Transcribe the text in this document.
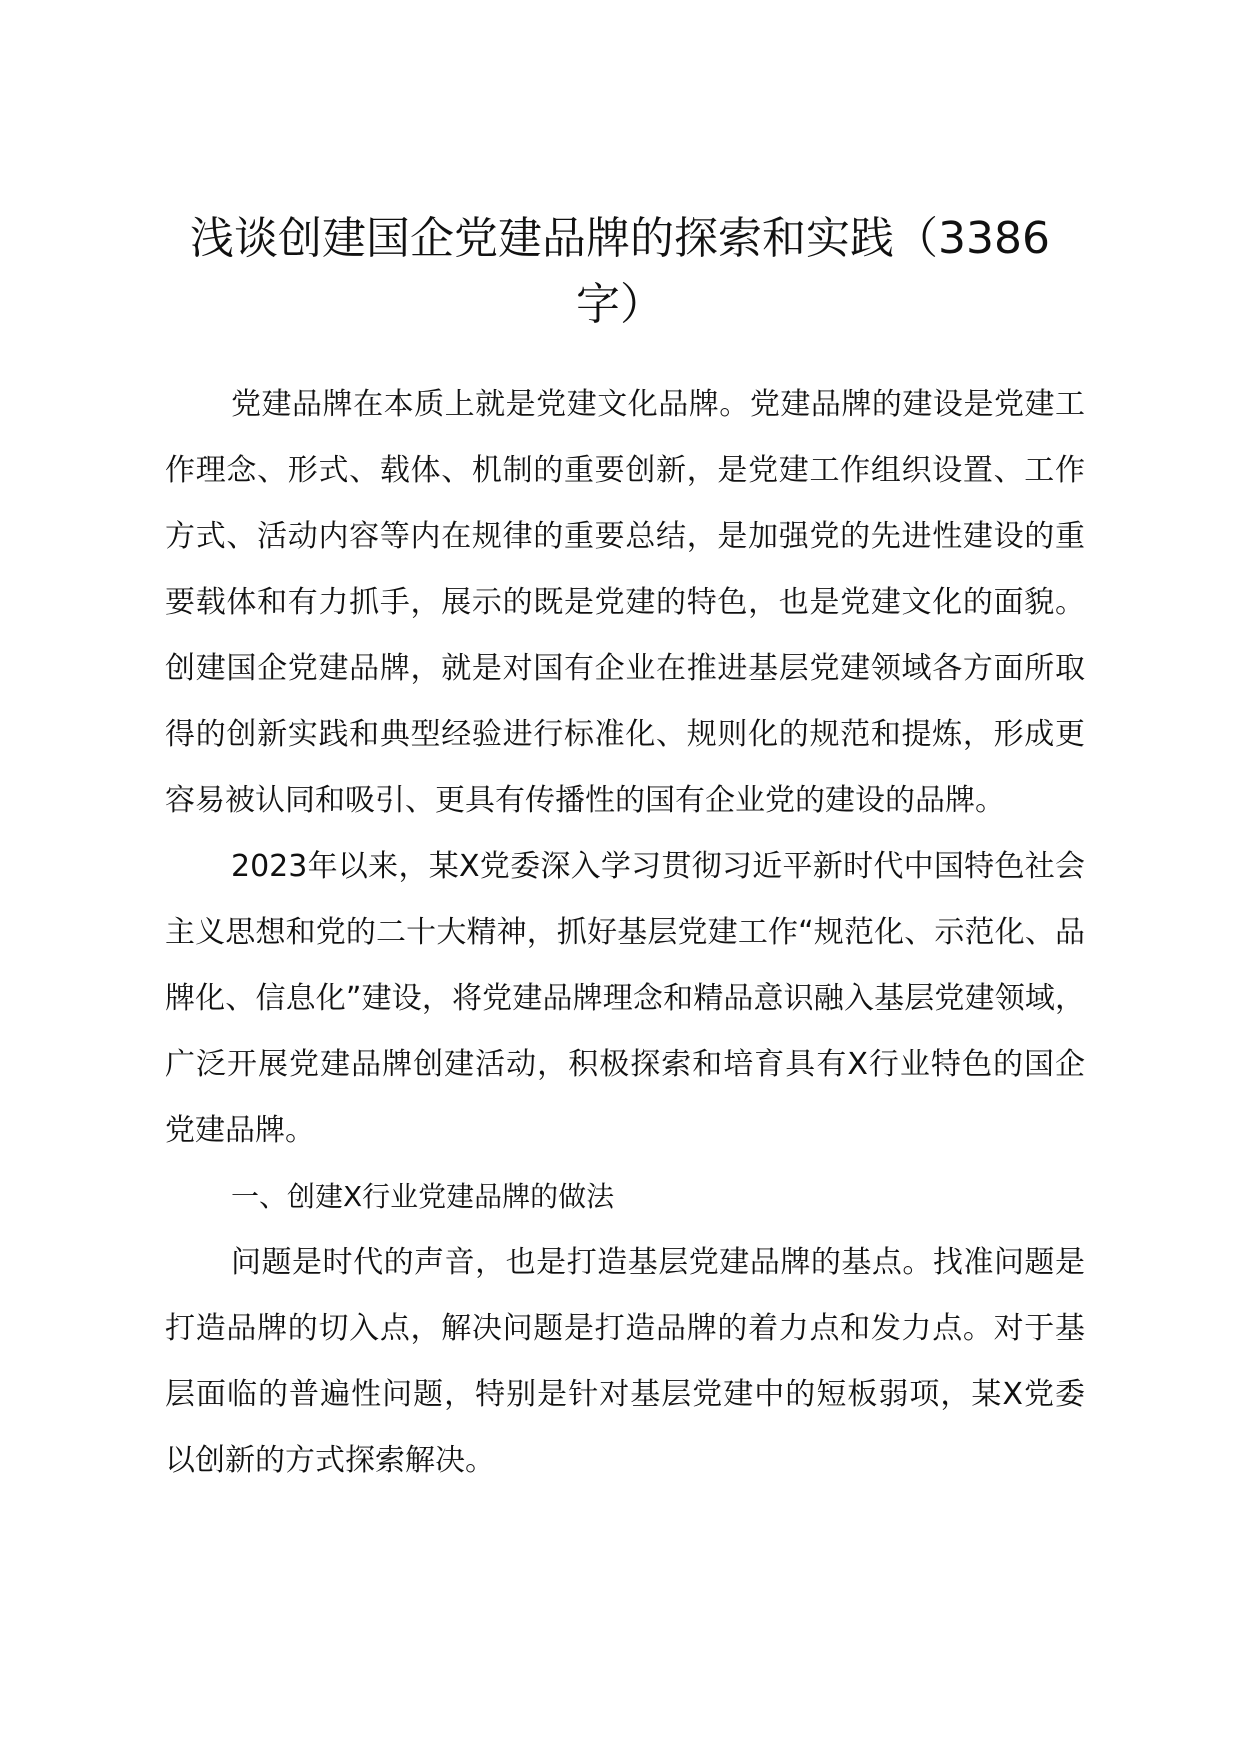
浅谈创建国企党建品牌的探索和实践（3386字）

党建品牌在本质上就是党建文化品牌。党建品牌的建设是党建工作理念、形式、载体、机制的重要创新，是党建工作组织设置、工作方式、活动内容等内在规律的重要总结，是加强党的先进性建设的重要载体和有力抓手，展示的既是党建的特色，也是党建文化的面貌。创建国企党建品牌，就是对国有企业在推进基层党建领域各方面所取得的创新实践和典型经验进行标准化、规则化的规范和提炼，形成更容易被认同和吸引、更具有传播性的国有企业党的建设的品牌。

2023年以来，某X党委深入学习贯彻习近平新时代中国特色社会主义思想和党的二十大精神，抓好基层党建工作“规范化、示范化、品牌化、信息化”建设，将党建品牌理念和精品意识融入基层党建领域，广泛开展党建品牌创建活动，积极探索和培育具有X行业特色的国企党建品牌。

一、创建X行业党建品牌的做法

问题是时代的声音，也是打造基层党建品牌的基点。找准问题是打造品牌的切入点，解决问题是打造品牌的着力点和发力点。对于基层面临的普遍性问题，特别是针对基层党建中的短板弱项，某X党委以创新的方式探索解决。
